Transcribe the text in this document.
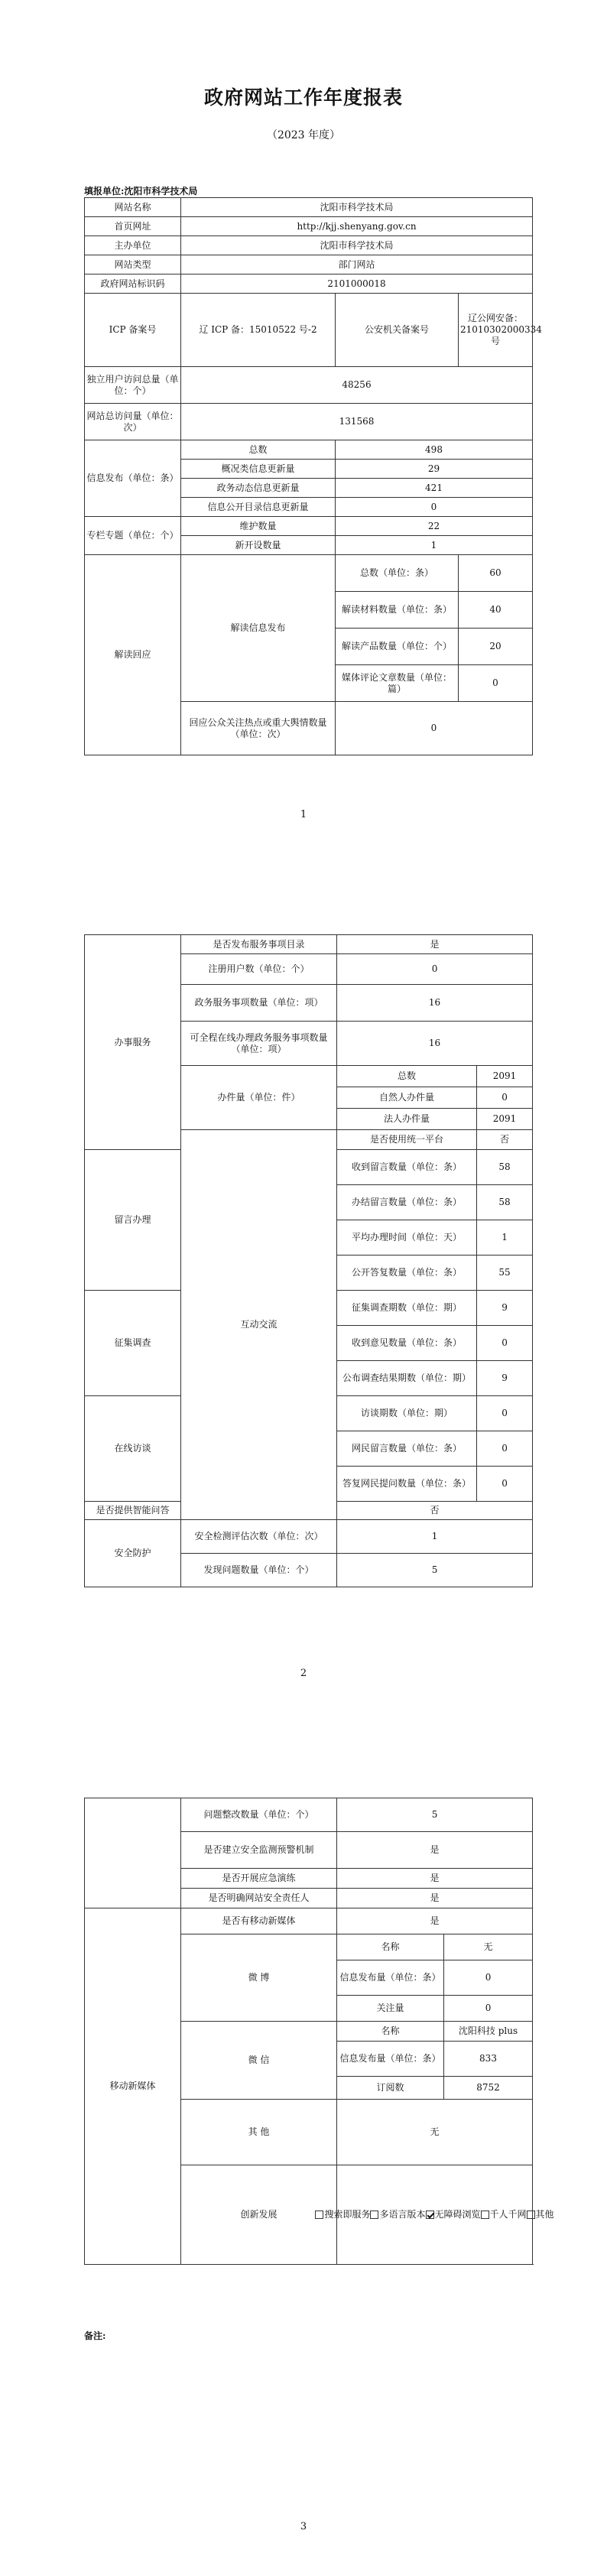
政府网站工作年度报表
（2023 年度）
填报单位:沈阳市科学技术局
网站名称	沈阳市科学技术局		
首页网址	http://kjj.shenyang.gov.cn		
主办单位	沈阳市科学技术局		
网站类型	部门网站		
政府网站标识码	2101000018		
ICP 备案号	辽 ICP 备：15010522 号-2	公安机关备案号	辽公网安备：21010302000334 号
独立用户访问总量（单位：个）	48256		
网站总访问量（单位：次）	131568		
信息发布（单位：条）	总数	498	
	概况类信息更新量	29	
	政务动态信息更新量	421	
	信息公开目录信息更新量	0	
专栏专题（单位：个）	维护数量	22	
	新开设数量	1	
解读回应	解读信息发布	总数（单位：条）	60
		解读材料数量（单位：条）	40
		解读产品数量（单位：个）	20
		媒体评论文章数量（单位：篇）	0
	回应公众关注热点或重大舆情数量（单位：次）	0	
1
办事服务	是否发布服务事项目录	是	
	注册用户数（单位：个）	0	
	政务服务事项数量（单位：项）	16	
	可全程在线办理政务服务事项数量（单位：项）	16	
	办件量（单位：件）	总数	2091
		自然人办件量	0
		法人办件量	2091
	互动交流	是否使用统一平台	否
留言办理		收到留言数量（单位：条）	58
		办结留言数量（单位：条）	58
		平均办理时间（单位：天）	1
		公开答复数量（单位：条）	55
征集调查		征集调查期数（单位：期）	9
		收到意见数量（单位：条）	0
		公布调查结果期数（单位：期）	9
在线访谈		访谈期数（单位：期）	0
		网民留言数量（单位：条）	0
		答复网民提问数量（单位：条）	0
是否提供智能问答		否	
安全防护	安全检测评估次数（单位：次）	1	
	发现问题数量（单位：个）	5	
2
	问题整改数量（单位：个）	5	
	是否建立安全监测预警机制	是	
	是否开展应急演练	是	
	是否明确网站安全责任人	是	
移动新媒体	是否有移动新媒体	是	
	微 博	名称	无
		信息发布量（单位：条）	0
		关注量	0
	微 信	名称	沈阳科技 plus
		信息发布量（单位：条）	833
		订阅数	8752
	其 他	无	
	创新发展	搜索即服务 多语言版本 无障碍浏览 千人千网 其他	
备注:
3
